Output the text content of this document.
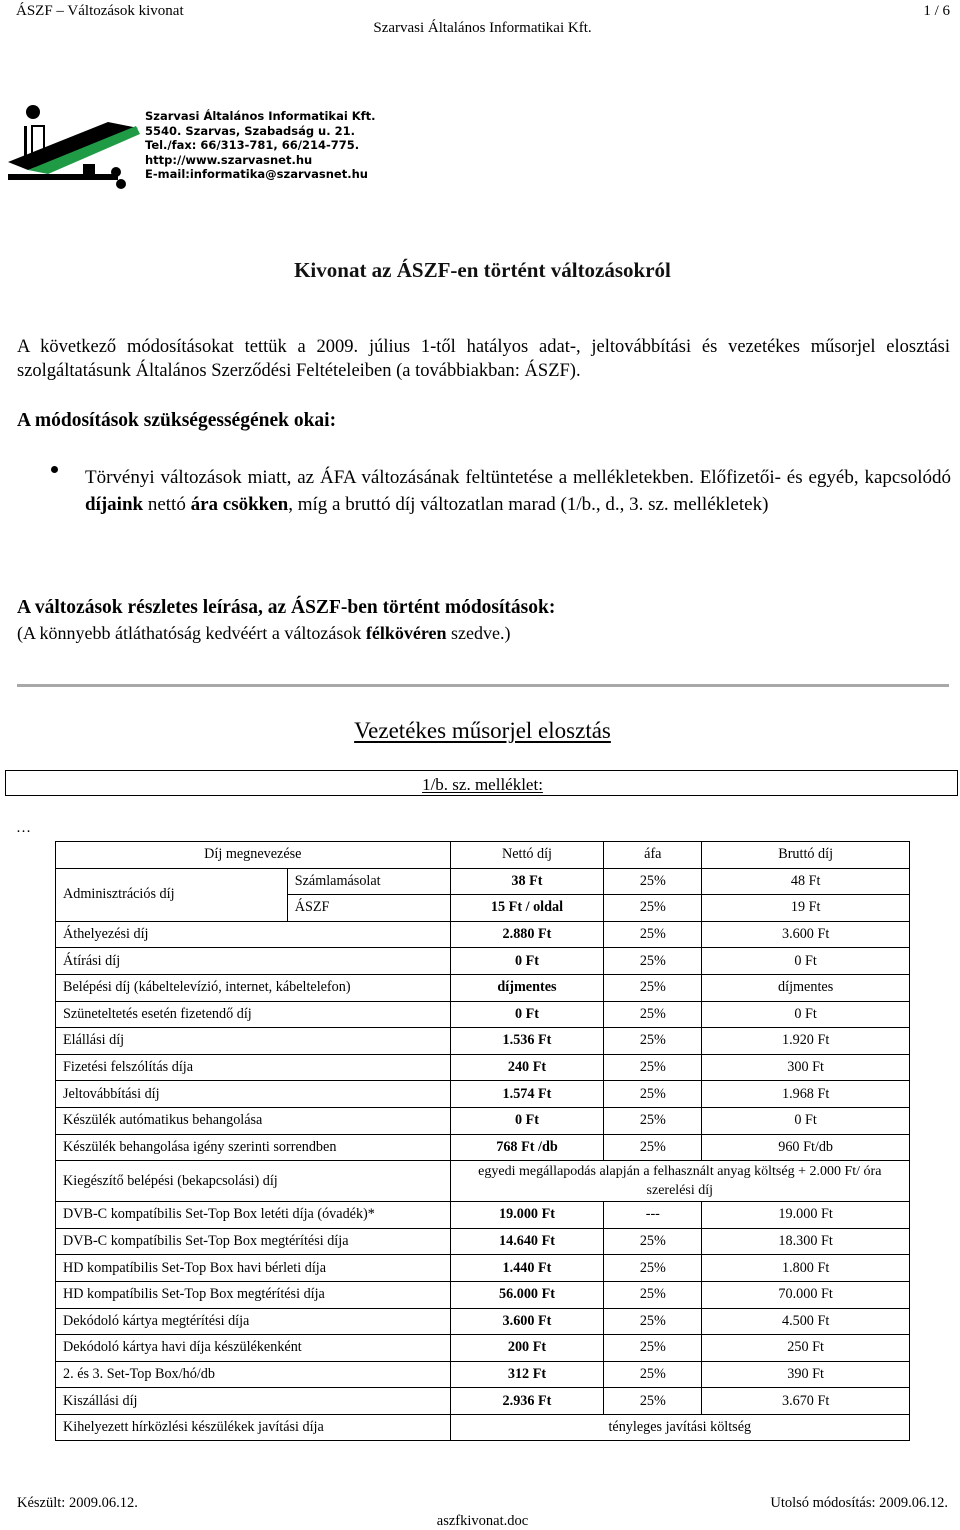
ÁSZF – Változások kivonat	1 / 6
Szarvasi Általános Informatikai Kft.
Szarvasi Általános Informatikai Kft.
5540. Szarvas, Szabadság u. 21.
Tel./fax: 66/313-781, 66/214-775.
http://www.szarvasnet.hu
E-mail:informatika@szarvasnet.hu
Kivonat az ÁSZF-en történt változásokról
A következő módosításokat tettük a 2009. július 1-től hatályos adat-, jeltovábbítási és vezetékes műsorjel elosztási szolgáltatásunk Általános Szerződési Feltételeiben (a továbbiakban: ÁSZF).
A módosítások szükségességének okai:
Törvényi változások miatt, az ÁFA változásának feltüntetése a mellékletekben. Előfizetői- és egyéb, kapcsolódó díjaink nettó ára csökken, míg a bruttó díj változatlan marad (1/b., d., 3. sz. mellékletek)
A változások részletes leírása, az ÁSZF-ben történt módosítások:
(A könnyebb átláthatóság kedvéért a változások félkövéren szedve.)
Vezetékes műsorjel elosztás
1/b. sz. melléklet:
…
Díj megnevezése		Nettó díj	áfa	Bruttó díj
Adminisztrációs díj	Számlamásolat	38 Ft	25%	48 Ft
	ÁSZF	15 Ft / oldal	25%	19 Ft
Áthelyezési díj		2.880 Ft	25%	3.600 Ft
Átírási díj		0 Ft	25%	0 Ft
Belépési díj (kábeltelevízió, internet, kábeltelefon)		díjmentes	25%	díjmentes
Szüneteltetés esetén fizetendő díj		0 Ft	25%	0 Ft
Elállási díj		1.536 Ft	25%	1.920 Ft
Fizetési felszólítás díja		240 Ft	25%	300 Ft
Jeltovábbítási díj		1.574 Ft	25%	1.968 Ft
Készülék autómatikus behangolása		0 Ft	25%	0 Ft
Készülék behangolása igény szerinti sorrendben		768 Ft /db	25%	960 Ft/db
Kiegészítő belépési (bekapcsolási) díj		egyedi megállapodás alapján a felhasznált anyag költség + 2.000 Ft/ óra szerelési díj		
DVB-C kompatíbilis Set-Top Box letéti díja (óvadék)*		19.000 Ft	---	19.000 Ft
DVB-C kompatíbilis Set-Top Box megtérítési díja		14.640 Ft	25%	18.300 Ft
HD kompatíbilis Set-Top Box havi bérleti díja		1.440 Ft	25%	1.800 Ft
HD kompatíbilis Set-Top Box megtérítési díja		56.000 Ft	25%	70.000 Ft
Dekódoló kártya megtérítési díja		3.600 Ft	25%	4.500 Ft
Dekódoló kártya havi díja készülékenként		200 Ft	25%	250 Ft
2. és 3. Set-Top Box/hó/db		312 Ft	25%	390 Ft
Kiszállási díj		2.936 Ft	25%	3.670 Ft
Kihelyezett hírközlési készülékek javítási díja		tényleges javítási költség		
Készült: 2009.06.12.	Utolsó módosítás: 2009.06.12.
aszfkivonat.doc
